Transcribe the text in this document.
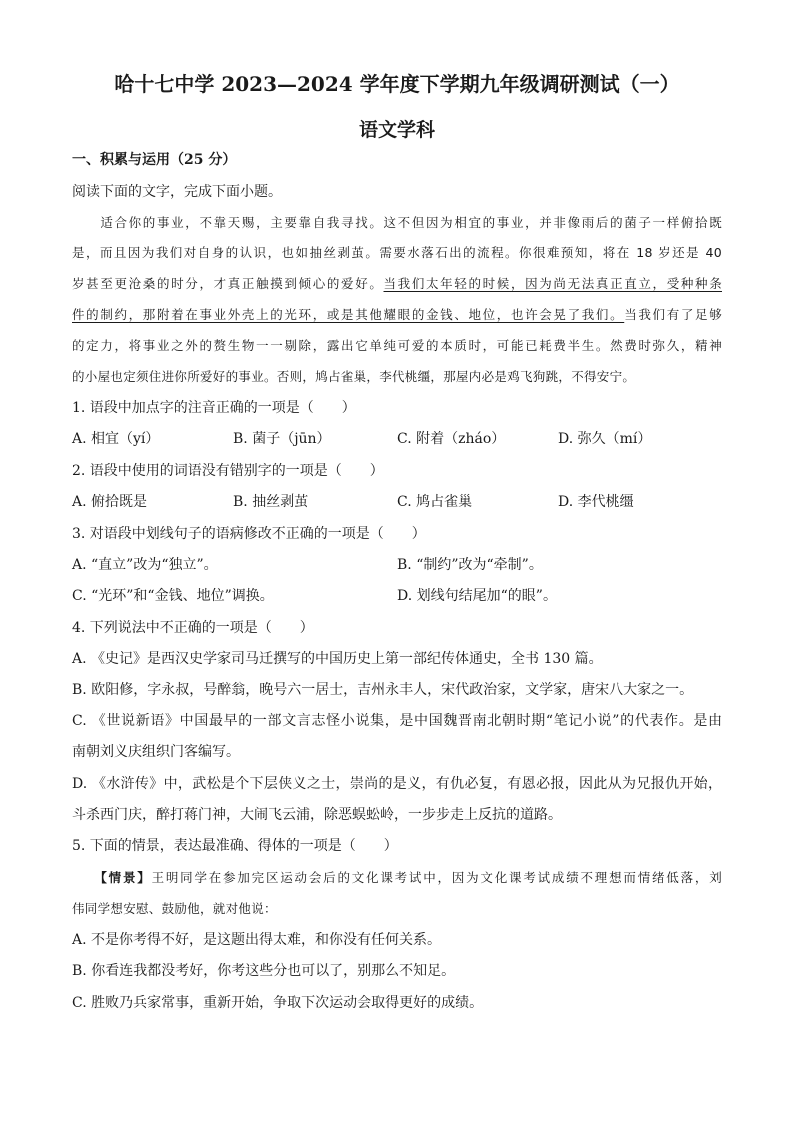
哈十七中学 2023—2024 学年度下学期九年级调研测试（一）
语文学科
一、积累与运用（25 分）
阅读下面的文字，完成下面小题。
　　适合你的事业，不靠天赐，主要靠自我寻找。这不但因为相宜的事业，并非像雨后的菌子一样俯拾既
是，而且因为我们对自身的认识，也如抽丝剥茧。需要水落石出的流程。你很难预知，将在 18 岁还是 40
岁甚至更沧桑的时分，才真正触摸到倾心的爱好。当我们太年轻的时候，因为尚无法真正直立，受种种条
件的制约，那附着在事业外壳上的光环，或是其他耀眼的金钱、地位，也许会晃了我们。当我们有了足够
的定力，将事业之外的赘生物一一剔除，露出它单纯可爱的本质时，可能已耗费半生。然费时弥久，精神
的小屋也定须住进你所爱好的事业。否则，鸠占雀巢，李代桃缰，那屋内必是鸡飞狗跳，不得安宁。
1. 语段中加点字的注音正确的一项是（　　）
A. 相宜（yí）	B. 菌子（jūn）	C. 附着（zháo）	D. 弥久（mí）
2. 语段中使用的词语没有错别字的一项是（　　）
A. 俯拾既是	B. 抽丝剥茧	C. 鸠占雀巢	D. 李代桃缰
3. 对语段中划线句子的语病修改不正确的一项是（　　）
A. “直立”改为“独立”。	B. “制约”改为“牵制”。
C. “光环”和“金钱、地位”调换。	D. 划线句结尾加“的眼”。
4. 下列说法中不正确的一项是（　　）
A. 《史记》是西汉史学家司马迁撰写的中国历史上第一部纪传体通史，全书 130 篇。
B. 欧阳修，字永叔，号醉翁，晚号六一居士，吉州永丰人，宋代政治家，文学家，唐宋八大家之一。
C. 《世说新语》中国最早的一部文言志怪小说集，是中国魏晋南北朝时期“笔记小说”的代表作。是由
南朝刘义庆组织门客编写。
D. 《水浒传》中，武松是个下层侠义之士，崇尚的是义，有仇必复，有恩必报，因此从为兄报仇开始，
斗杀西门庆，醉打蒋门神，大闹飞云浦，除恶蜈蚣岭，一步步走上反抗的道路。
5. 下面的情景，表达最准确、得体的一项是（　　）
　　【情景】王明同学在参加完区运动会后的文化课考试中，因为文化课考试成绩不理想而情绪低落，刘
伟同学想安慰、鼓励他，就对他说：
A. 不是你考得不好，是这题出得太难，和你没有任何关系。
B. 你看连我都没考好，你考这些分也可以了，别那么不知足。
C. 胜败乃兵家常事，重新开始，争取下次运动会取得更好的成绩。
